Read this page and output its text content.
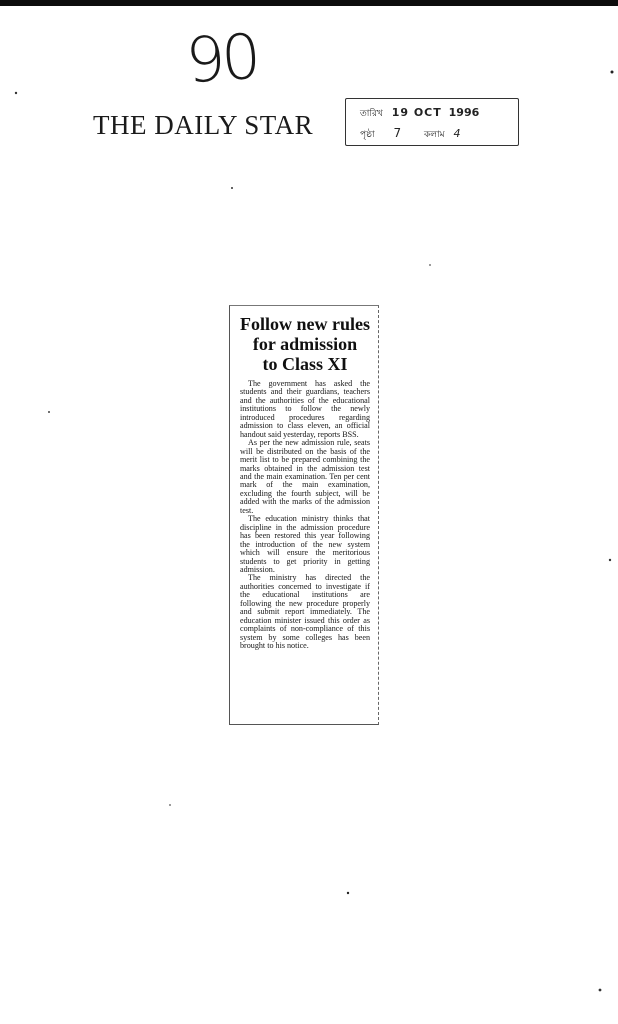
90
THE DAILY STAR	তারিখ 19 OCT 1996
পৃষ্ঠা 7	কলাম 4
Follow new rules
for admission
to Class XI

The government has asked the students and their guardians, teachers and the authorities of the educational institutions to follow the newly introduced procedures regarding admission to class eleven, an official handout said yesterday, reports BSS.

As per the new admission rule, seats will be distributed on the basis of the merit list to be prepared combining the marks obtained in the admission test and the main examination. Ten per cent mark of the main examination, excluding the fourth subject, will be added with the marks of the admission test.

The education ministry thinks that discipline in the admission procedure has been restored this year following the introduction of the new system which will ensure the meritorious students to get priority in getting admission.

The ministry has directed the authorities concerned to investigate if the educational institutions are following the new procedure properly and submit report immediately. The education minister issued this order as complaints of non-compliance of this system by some colleges has been brought to his notice.
